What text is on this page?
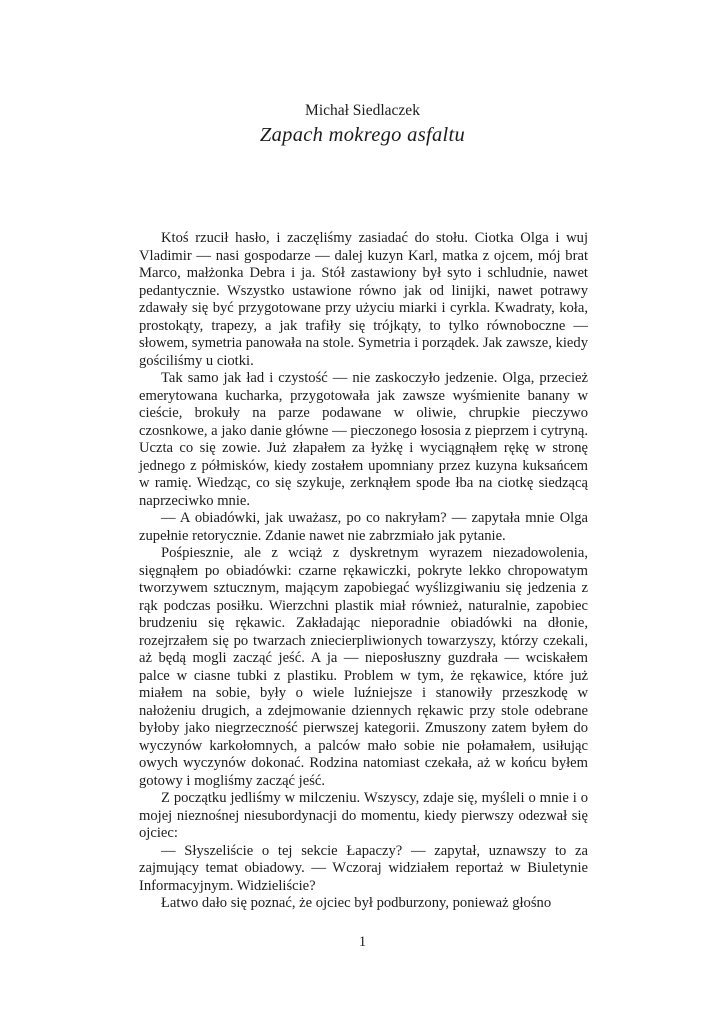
Michał Siedlaczek
Zapach mokrego asfaltu

Ktoś rzucił hasło, i zaczęliśmy zasiadać do stołu. Ciotka Olga i wuj Vladimir — nasi gospodarze — dalej kuzyn Karl, matka z ojcem, mój brat Marco, małżonka Debra i ja. Stół zastawiony był syto i schludnie, nawet pedantycznie. Wszystko ustawione równo jak od linijki, nawet potrawy zdawały się być przygotowane przy użyciu miarki i cyrkla. Kwadraty, koła, prostokąty, trapezy, a jak trafiły się trójkąty, to tylko równoboczne — słowem, symetria panowała na stole. Symetria i porządek. Jak zawsze, kiedy gościliśmy u ciotki.

Tak samo jak ład i czystość — nie zaskoczyło jedzenie. Olga, przecież emerytowana kucharka, przygotowała jak zawsze wyśmienite banany w cieście, brokuły na parze podawane w oliwie, chrupkie pieczywo czosnkowe, a jako danie główne — pieczonego łososia z pieprzem i cytryną. Uczta co się zowie. Już złapałem za łyżkę i wyciągnąłem rękę w stronę jednego z półmisków, kiedy zostałem upomniany przez kuzyna kuksańcem w ramię. Wiedząc, co się szykuje, zerknąłem spode łba na ciotkę siedzącą naprzeciwko mnie.

— A obiadówki, jak uważasz, po co nakryłam? — zapytała mnie Olga zupełnie retorycznie. Zdanie nawet nie zabrzmiało jak pytanie.

Pośpiesznie, ale z wciąż z dyskretnym wyrazem niezadowolenia, sięgnąłem po obiadówki: czarne rękawiczki, pokryte lekko chropowatym tworzywem sztucznym, mającym zapobiegać wyślizgiwaniu się jedzenia z rąk podczas posiłku. Wierzchni plastik miał również, naturalnie, zapobiec brudzeniu się rękawic. Zakładając nieporadnie obiadówki na dłonie, rozejrzałem się po twarzach zniecierpliwionych towarzyszy, którzy czekali, aż będą mogli zacząć jeść. A ja — nieposłuszny guzdrała — wciskałem palce w ciasne tubki z plastiku. Problem w tym, że rękawice, które już miałem na sobie, były o wiele luźniejsze i stanowiły przeszkodę w nałożeniu drugich, a zdejmowanie dziennych rękawic przy stole odebrane byłoby jako niegrzeczność pierwszej kategorii. Zmuszony zatem byłem do wyczynów karkołomnych, a palców mało sobie nie połamałem, usiłując owych wyczynów dokonać. Rodzina natomiast czekała, aż w końcu byłem gotowy i mogliśmy zacząć jeść.

Z początku jedliśmy w milczeniu. Wszyscy, zdaje się, myśleli o mnie i o mojej nieznośnej niesubordynacji do momentu, kiedy pierwszy odezwał się ojciec:

— Słyszeliście o tej sekcie Łapaczy? — zapytał, uznawszy to za zajmujący temat obiadowy. — Wczoraj widziałem reportaż w Biuletynie Informacyjnym. Widzieliście?

Łatwo dało się poznać, że ojciec był podburzony, ponieważ głośno

1
